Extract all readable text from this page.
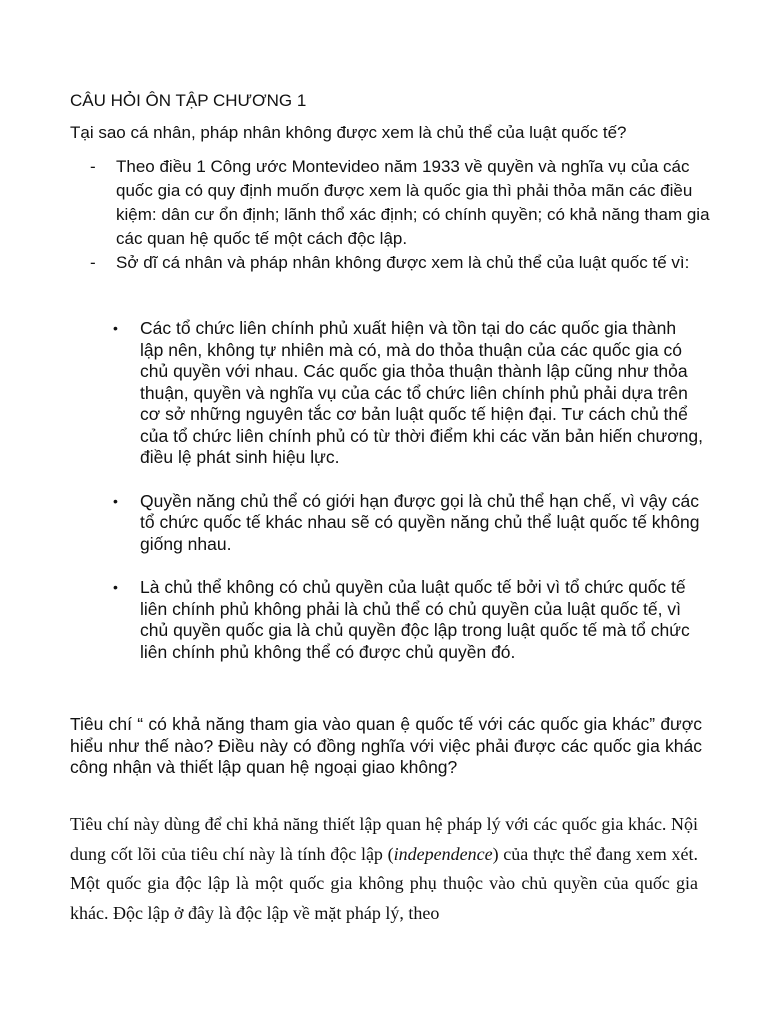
CÂU HỎI ÔN TẬP CHƯƠNG 1
Tại sao cá nhân, pháp nhân không được xem là chủ thể của luật quốc tế?
- Theo điều 1 Công ước Montevideo năm 1933 về quyền và nghĩa vụ của các quốc gia có quy định muốn được xem là quốc gia thì phải thỏa mãn các điều kiệm: dân cư ổn định; lãnh thổ xác định; có chính quyền; có khả năng tham gia các quan hệ quốc tế một cách độc lập.
- Sở dĩ cá nhân và pháp nhân không được xem là chủ thể của luật quốc tế vì:
• Các tổ chức liên chính phủ xuất hiện và tồn tại do các quốc gia thành lập nên, không tự nhiên mà có, mà do thỏa thuận của các quốc gia có chủ quyền với nhau. Các quốc gia thỏa thuận thành lập cũng như thỏa thuận, quyền và nghĩa vụ của các tổ chức liên chính phủ phải dựa trên cơ sở những nguyên tắc cơ bản luật quốc tế hiện đại. Tư cách chủ thể của tổ chức liên chính phủ có từ thời điểm khi các văn bản hiến chương, điều lệ phát sinh hiệu lực.
• Quyền năng chủ thể có giới hạn được gọi là chủ thể hạn chế, vì vậy các tổ chức quốc tế khác nhau sẽ có quyền năng chủ thể luật quốc tế không giống nhau.
• Là chủ thể không có chủ quyền của luật quốc tế bởi vì tổ chức quốc tế liên chính phủ không phải là chủ thể có chủ quyền của luật quốc tế, vì chủ quyền quốc gia là chủ quyền độc lập trong luật quốc tế mà tổ chức liên chính phủ không thể có được chủ quyền đó.
Tiêu chí “ có khả năng tham gia vào quan ệ quốc tế với các quốc gia khác” được hiểu như thế nào? Điều này có đồng nghĩa với việc phải được các quốc gia khác công nhận và thiết lập quan hệ ngoại giao không?
Tiêu chí này dùng để chỉ khả năng thiết lập quan hệ pháp lý với các quốc gia khác. Nội dung cốt lõi của tiêu chí này là tính độc lập (independence) của thực thể đang xem xét. Một quốc gia độc lập là một quốc gia không phụ thuộc vào chủ quyền của quốc gia khác. Độc lập ở đây là độc lập về mặt pháp lý, theo
